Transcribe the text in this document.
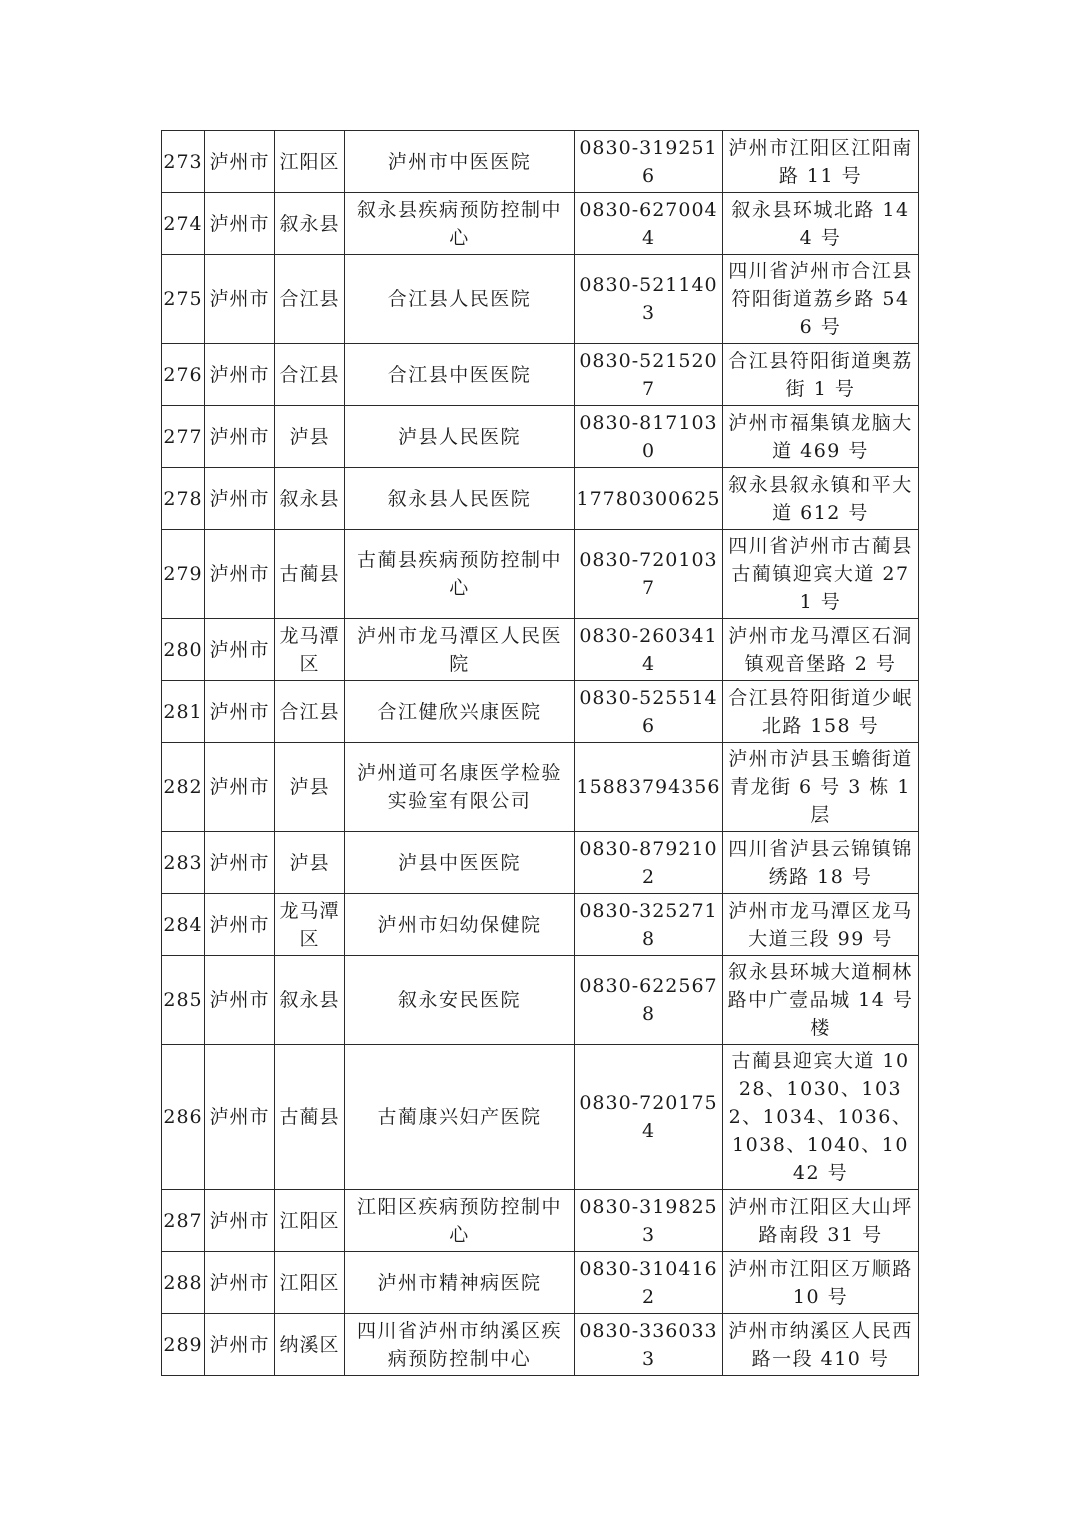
273	泸州市	江阳区	泸州市中医医院	0830-3192516	泸州市江阳区江阳南路 11 号
274	泸州市	叙永县	叙永县疾病预防控制中心	0830-6270044	叙永县环城北路 144 号
275	泸州市	合江县	合江县人民医院	0830-5211403	四川省泸州市合江县符阳街道荔乡路 546 号
276	泸州市	合江县	合江县中医医院	0830-5215207	合江县符阳街道奥荔街 1 号
277	泸州市	泸县	泸县人民医院	0830-8171030	泸州市福集镇龙脑大道 469 号
278	泸州市	叙永县	叙永县人民医院	17780300625	叙永县叙永镇和平大道 612 号
279	泸州市	古蔺县	古蔺县疾病预防控制中心	0830-7201037	四川省泸州市古蔺县古蔺镇迎宾大道 271 号
280	泸州市	龙马潭区	泸州市龙马潭区人民医院	0830-2603414	泸州市龙马潭区石洞镇观音堡路 2 号
281	泸州市	合江县	合江健欣兴康医院	0830-5255146	合江县符阳街道少岷北路 158 号
282	泸州市	泸县	泸州道可名康医学检验实验室有限公司	15883794356	泸州市泸县玉蟾街道青龙街 6 号 3 栋 1 层
283	泸州市	泸县	泸县中医医院	0830-8792102	四川省泸县云锦镇锦绣路 18 号
284	泸州市	龙马潭区	泸州市妇幼保健院	0830-3252718	泸州市龙马潭区龙马大道三段 99 号
285	泸州市	叙永县	叙永安民医院	0830-6225678	叙永县环城大道桐林路中广壹品城 14 号楼
286	泸州市	古蔺县	古蔺康兴妇产医院	0830-7201754	古蔺县迎宾大道 1028、1030、1032、1034、1036、1038、1040、1042 号
287	泸州市	江阳区	江阳区疾病预防控制中心	0830-3198253	泸州市江阳区大山坪路南段 31 号
288	泸州市	江阳区	泸州市精神病医院	0830-3104162	泸州市江阳区万顺路 10 号
289	泸州市	纳溪区	四川省泸州市纳溪区疾病预防控制中心	0830-3360333	泸州市纳溪区人民西路一段 410 号
